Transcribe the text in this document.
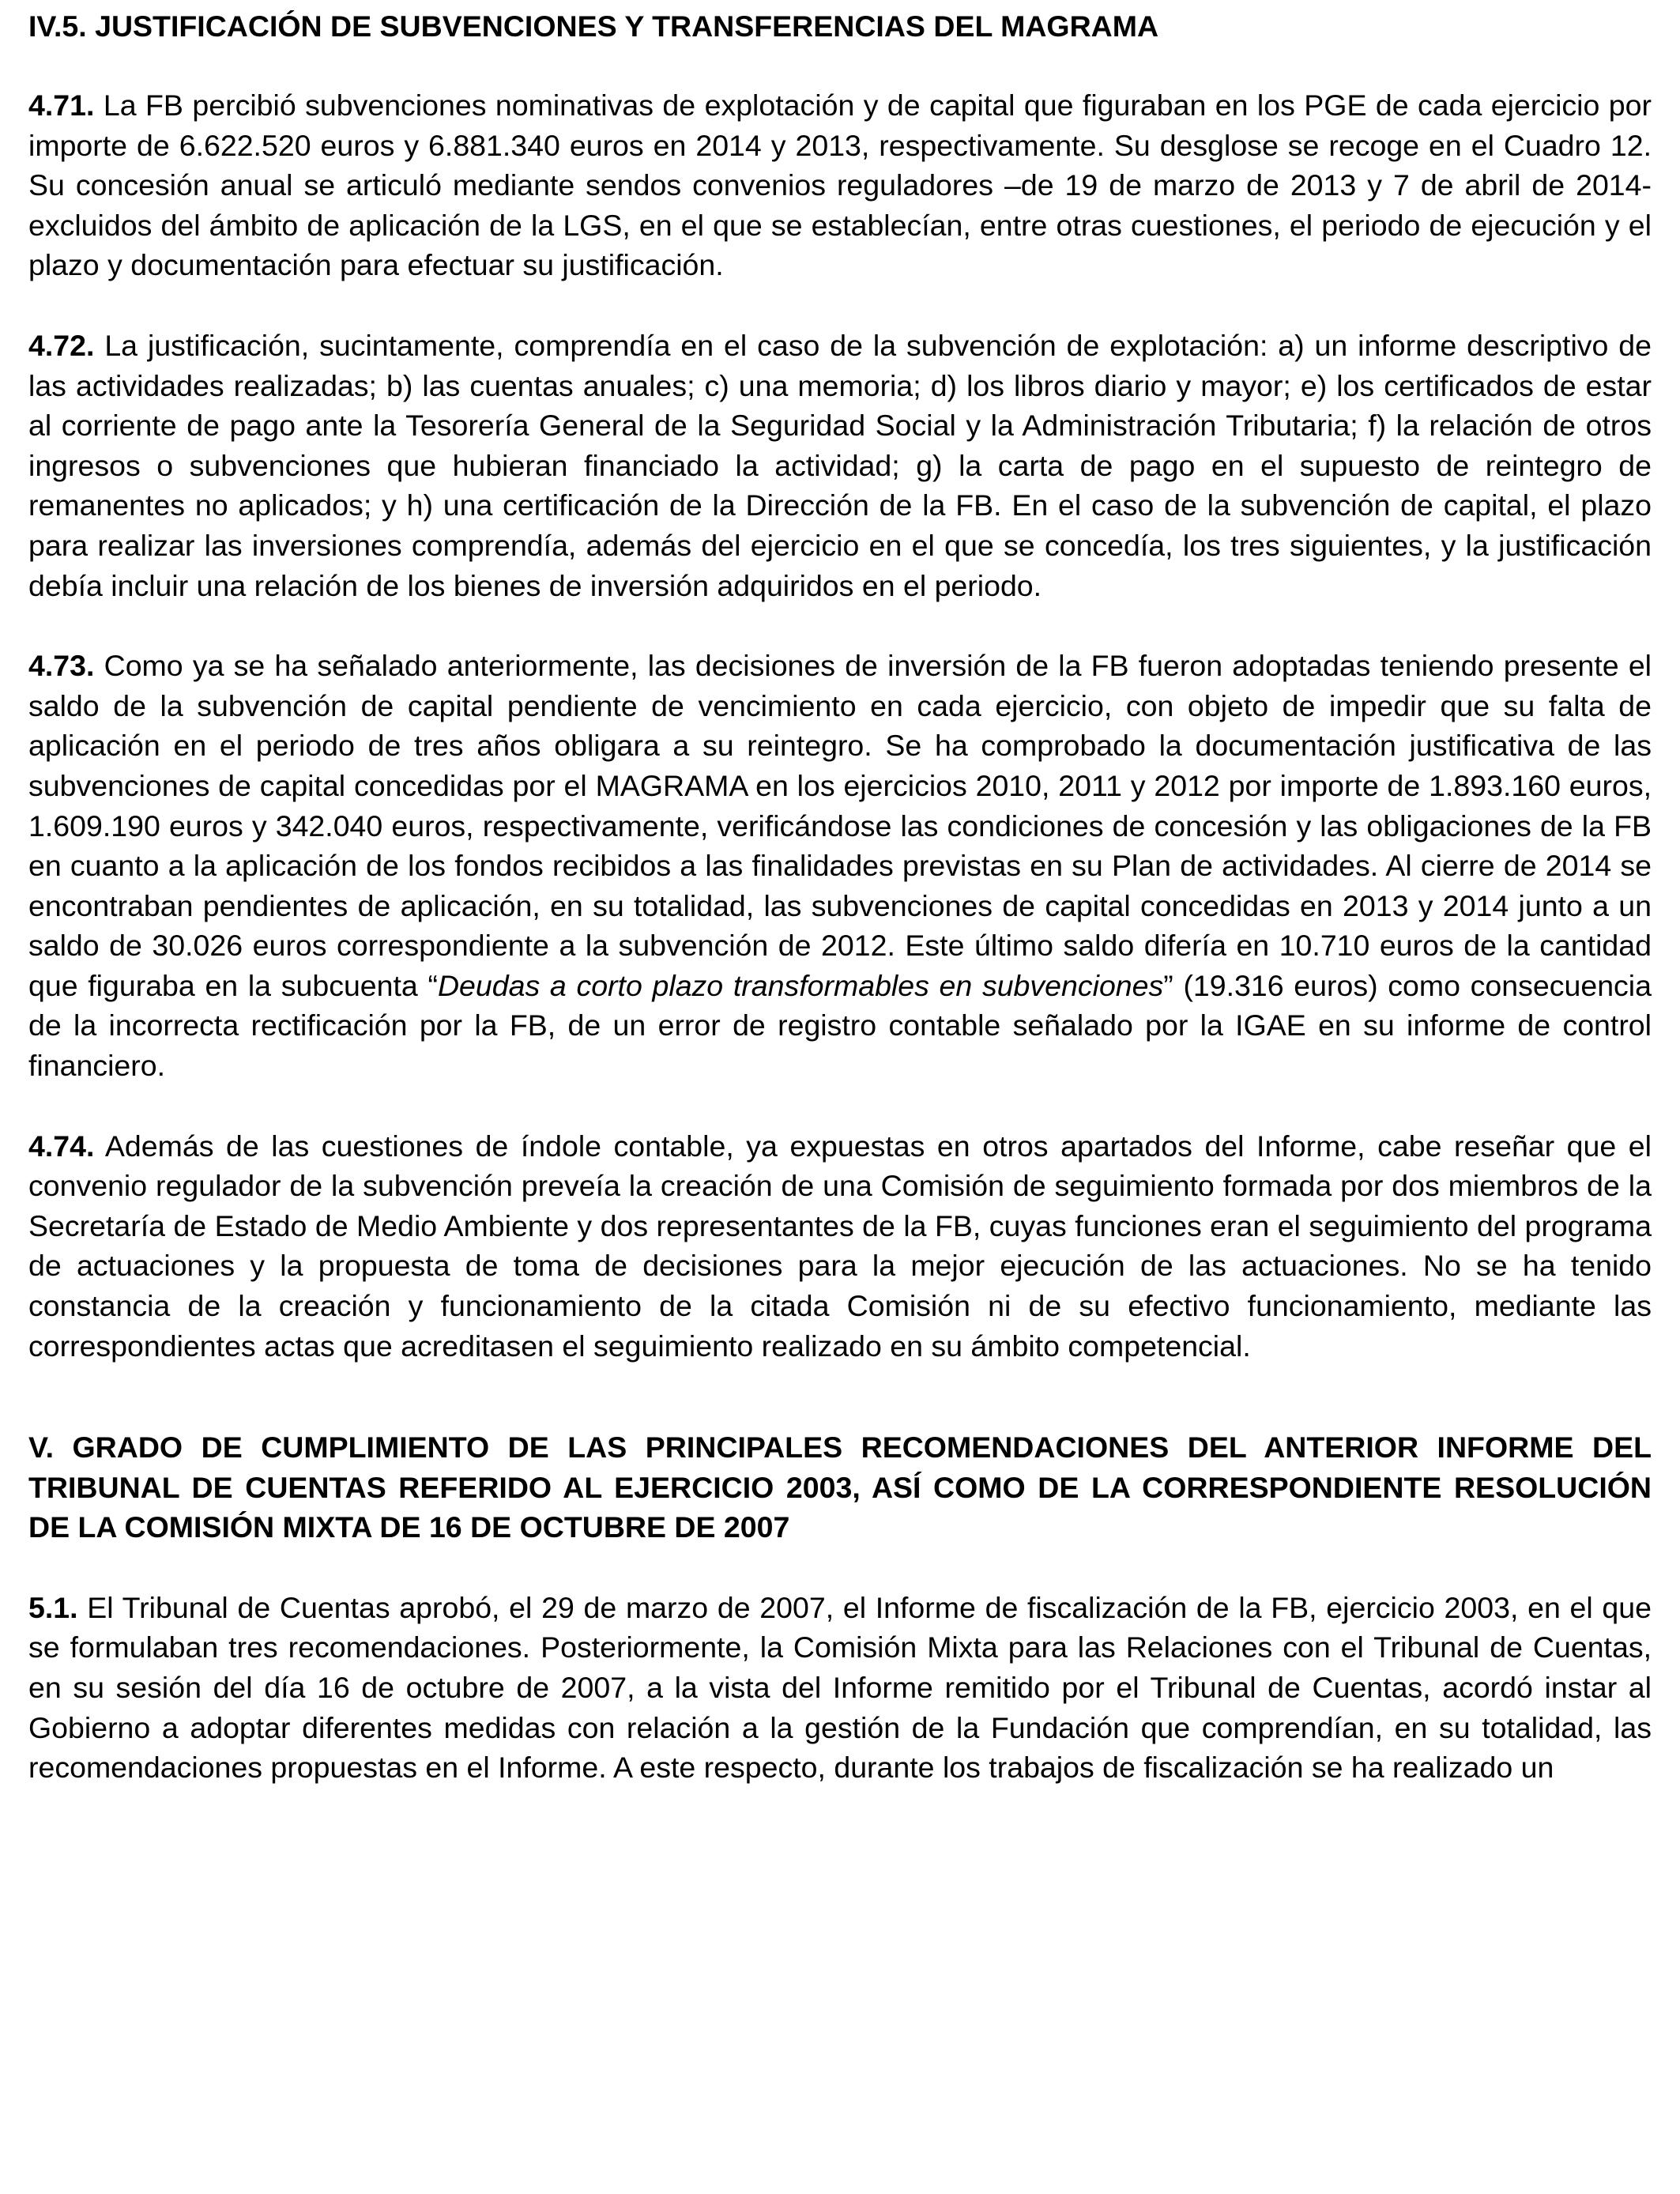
IV.5. JUSTIFICACIÓN DE SUBVENCIONES Y TRANSFERENCIAS DEL MAGRAMA

4.71. La FB percibió subvenciones nominativas de explotación y de capital que figuraban en los PGE de cada ejercicio por importe de 6.622.520 euros y 6.881.340 euros en 2014 y 2013, respectivamente. Su desglose se recoge en el Cuadro 12. Su concesión anual se articuló mediante sendos convenios reguladores –de 19 de marzo de 2013 y 7 de abril de 2014- excluidos del ámbito de aplicación de la LGS, en el que se establecían, entre otras cuestiones, el periodo de ejecución y el plazo y documentación para efectuar su justificación.

4.72. La justificación, sucintamente, comprendía en el caso de la subvención de explotación: a) un informe descriptivo de las actividades realizadas; b) las cuentas anuales; c) una memoria; d) los libros diario y mayor; e) los certificados de estar al corriente de pago ante la Tesorería General de la Seguridad Social y la Administración Tributaria; f) la relación de otros ingresos o subvenciones que hubieran financiado la actividad; g) la carta de pago en el supuesto de reintegro de remanentes no aplicados; y h) una certificación de la Dirección de la FB. En el caso de la subvención de capital, el plazo para realizar las inversiones comprendía, además del ejercicio en el que se concedía, los tres siguientes, y la justificación debía incluir una relación de los bienes de inversión adquiridos en el periodo.

4.73. Como ya se ha señalado anteriormente, las decisiones de inversión de la FB fueron adoptadas teniendo presente el saldo de la subvención de capital pendiente de vencimiento en cada ejercicio, con objeto de impedir que su falta de aplicación en el periodo de tres años obligara a su reintegro. Se ha comprobado la documentación justificativa de las subvenciones de capital concedidas por el MAGRAMA en los ejercicios 2010, 2011 y 2012 por importe de 1.893.160 euros, 1.609.190 euros y 342.040 euros, respectivamente, verificándose las condiciones de concesión y las obligaciones de la FB en cuanto a la aplicación de los fondos recibidos a las finalidades previstas en su Plan de actividades. Al cierre de 2014 se encontraban pendientes de aplicación, en su totalidad, las subvenciones de capital concedidas en 2013 y 2014 junto a un saldo de 30.026 euros correspondiente a la subvención de 2012. Este último saldo difería en 10.710 euros de la cantidad que figuraba en la subcuenta “Deudas a corto plazo transformables en subvenciones” (19.316 euros) como consecuencia de la incorrecta rectificación por la FB, de un error de registro contable señalado por la IGAE en su informe de control financiero.

4.74. Además de las cuestiones de índole contable, ya expuestas en otros apartados del Informe, cabe reseñar que el convenio regulador de la subvención preveía la creación de una Comisión de seguimiento formada por dos miembros de la Secretaría de Estado de Medio Ambiente y dos representantes de la FB, cuyas funciones eran el seguimiento del programa de actuaciones y la propuesta de toma de decisiones para la mejor ejecución de las actuaciones. No se ha tenido constancia de la creación y funcionamiento de la citada Comisión ni de su efectivo funcionamiento, mediante las correspondientes actas que acreditasen el seguimiento realizado en su ámbito competencial.

V. GRADO DE CUMPLIMIENTO DE LAS PRINCIPALES RECOMENDACIONES DEL ANTERIOR INFORME DEL TRIBUNAL DE CUENTAS REFERIDO AL EJERCICIO 2003, ASÍ COMO DE LA CORRESPONDIENTE RESOLUCIÓN DE LA COMISIÓN MIXTA DE 16 DE OCTUBRE DE 2007

5.1. El Tribunal de Cuentas aprobó, el 29 de marzo de 2007, el Informe de fiscalización de la FB, ejercicio 2003, en el que se formulaban tres recomendaciones. Posteriormente, la Comisión Mixta para las Relaciones con el Tribunal de Cuentas, en su sesión del día 16 de octubre de 2007, a la vista del Informe remitido por el Tribunal de Cuentas, acordó instar al Gobierno a adoptar diferentes medidas con relación a la gestión de la Fundación que comprendían, en su totalidad, las recomendaciones propuestas en el Informe. A este respecto, durante los trabajos de fiscalización se ha realizado un
